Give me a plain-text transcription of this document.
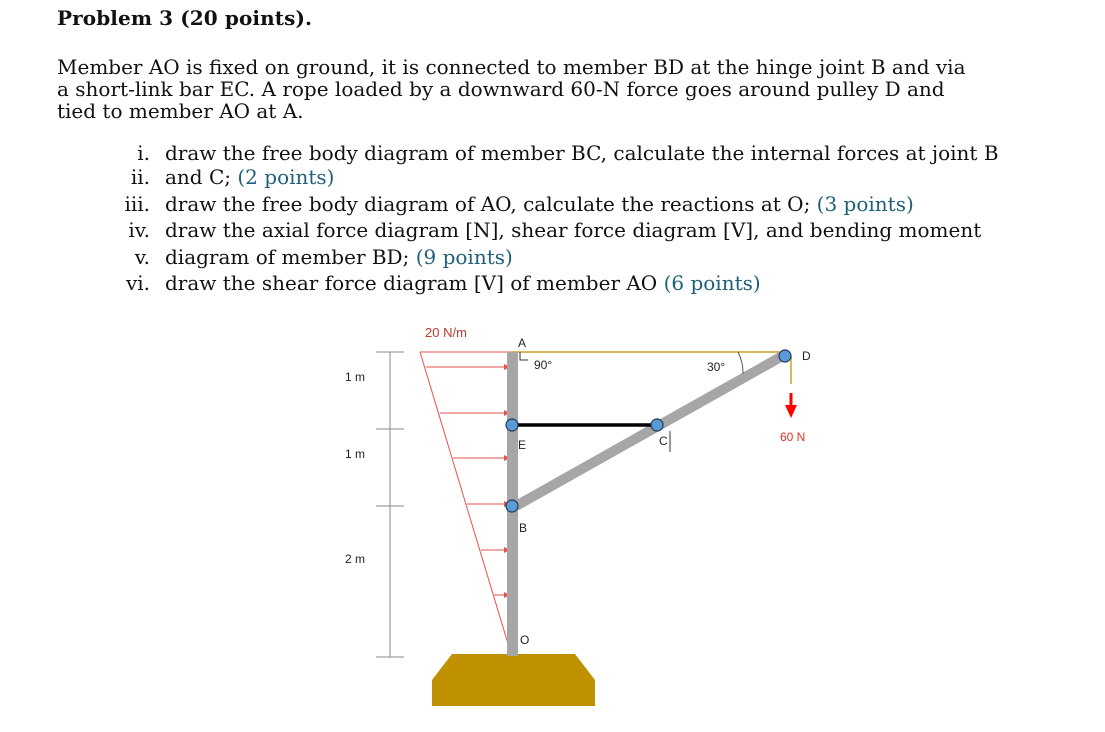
Problem 3 (20 points).

Member AO is fixed on ground, it is connected to member BD at the hinge joint B and via

a short-link bar EC. A rope loaded by a downward 60-N force goes around pulley D and

tied to member AO at A.

i. draw the free body diagram of member BC, calculate the internal forces at joint B
ii. and C; (2 points)
iii. draw the free body diagram of AO, calculate the reactions at O; (3 points)
iv. draw the axial force diagram [N], shear force diagram [V], and bending moment
v. diagram of member BD; (9 points)
vi. draw the shear force diagram [V] of member AO (6 points)
20 N/m
A
90°	30°
D
E	C
B
O
60 N
1 m
1 m
2 m
